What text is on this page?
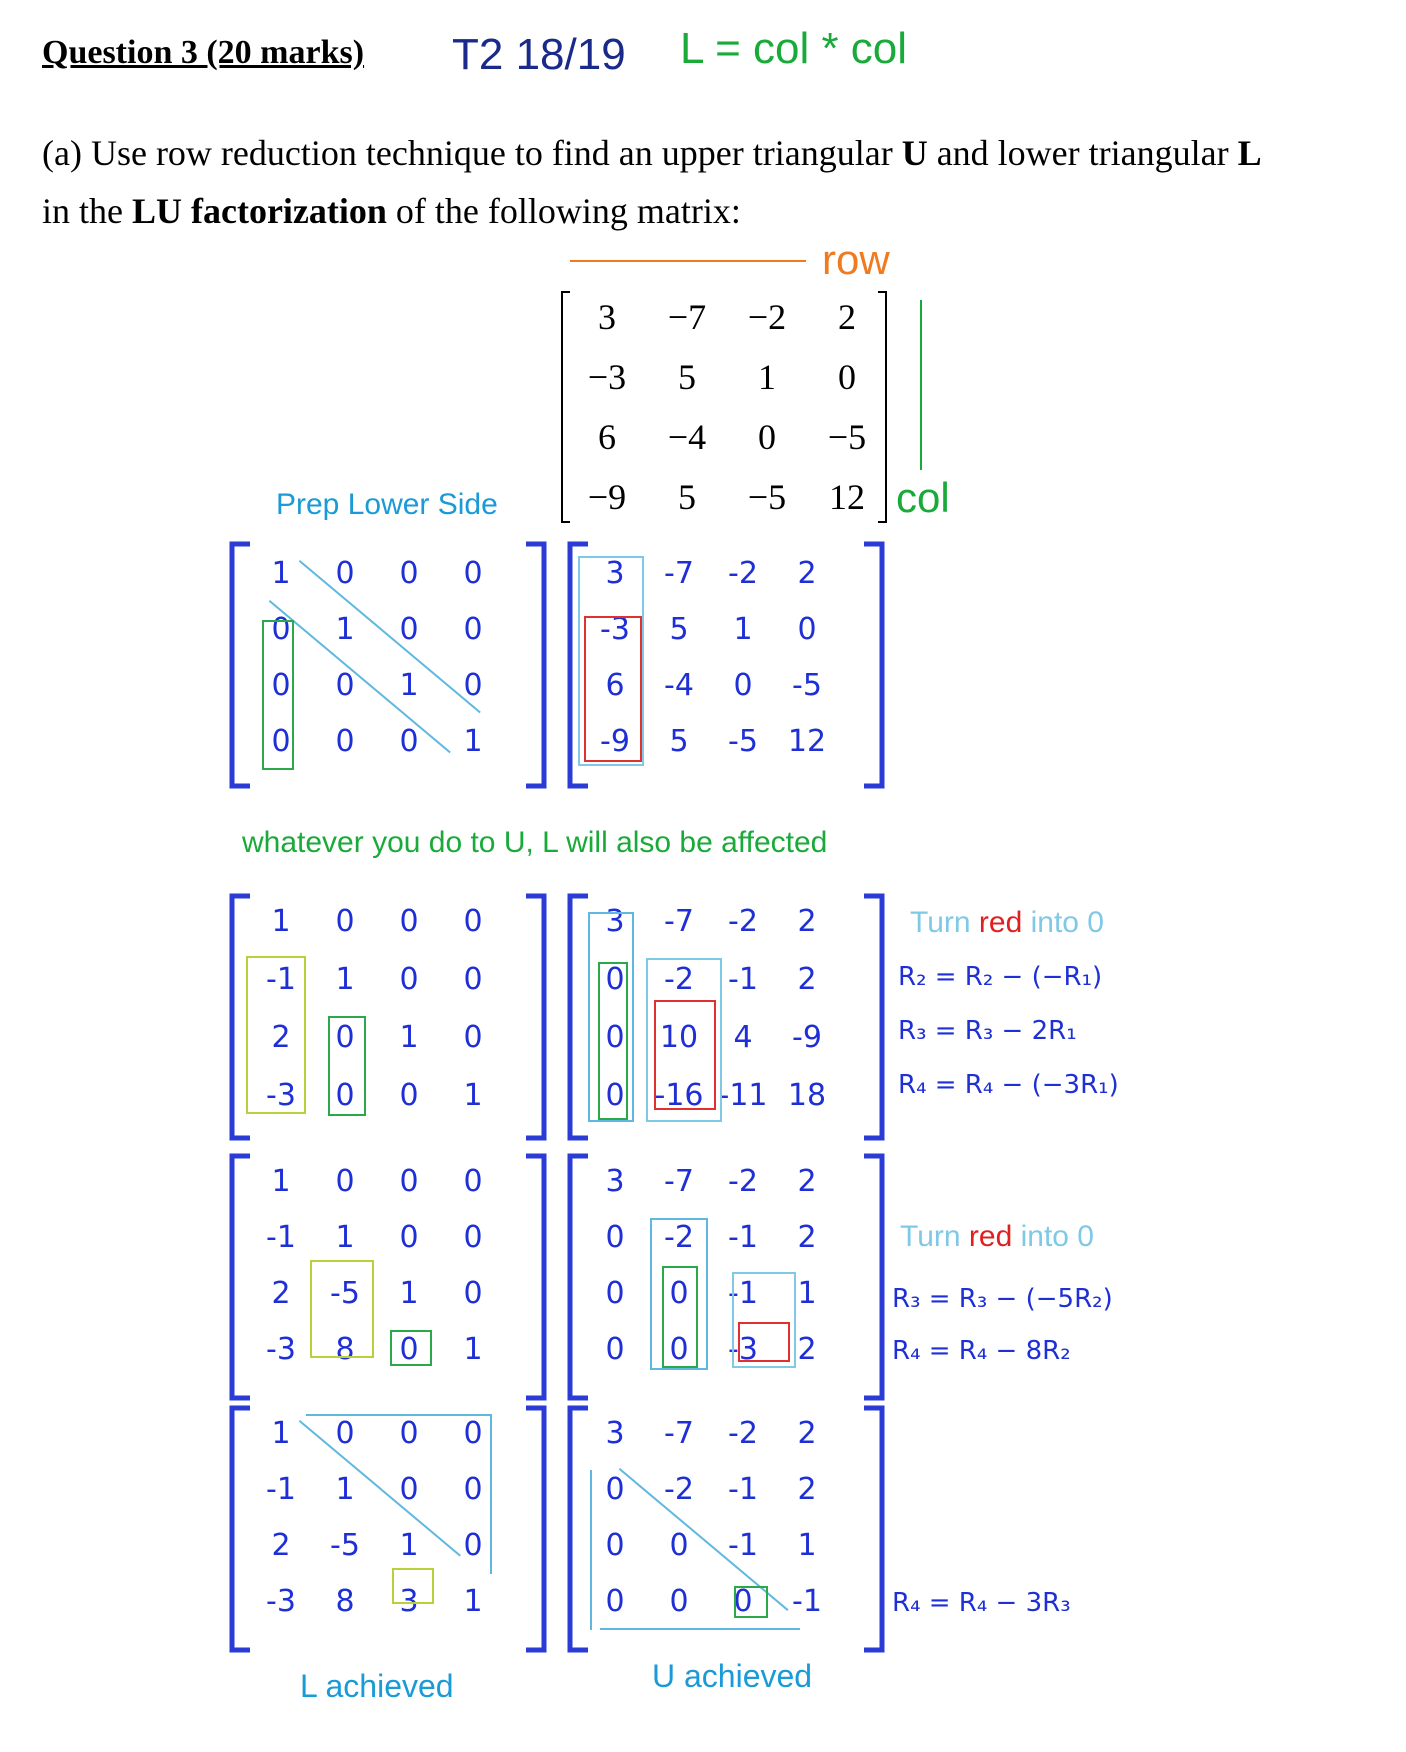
Question 3 (20 marks) T2 18/19 L = col * col
(a) Use row reduction technique to find an upper triangular U and lower triangular L
in the LU factorization of the following matrix:
row
col
Prep Lower Side
3	−7 −2	2
−3	5	1	0
6	−4	0	−5
−9	5	−5 12
1	0	0	0
0	1	0	0
0	0	1	0
0	0	0	1
3	-7	-2	2
-3	5	1	0
6	-4	0	-5
-9	5	-5 12
whatever you do to U, L will also be affected
1	0	0	0
-1	1	0	0
2	0	1	0
-3	0	0	1
3	-7	-2	2
0	-2	-1	2
0	10	4	-9
0 -16 -11 18
Turn red into 0
R₂ = R₂ − (−R₁)
R₃ = R₃ − 2R₁
R₄ = R₄ − (−3R₁)
1	0	0	0
-1	1	0	0
2	-5	1	0
-3	8	0	1
3	-7	-2	2
0	-2	-1	2
0	0	-1	1
0	0	-3	2
Turn red into 0
R₃ = R₃ − (−5R₂)
R₄ = R₄ − 8R₂
1	0	0	0
-1	1	0	0
2	-5	1	0
-3	8	3	1
3	-7	-2	2
0	-2	-1	2
0	0	-1	1
0	0	0	-1	R₄ = R₄ − 3R₃
L achieved	U achieved
